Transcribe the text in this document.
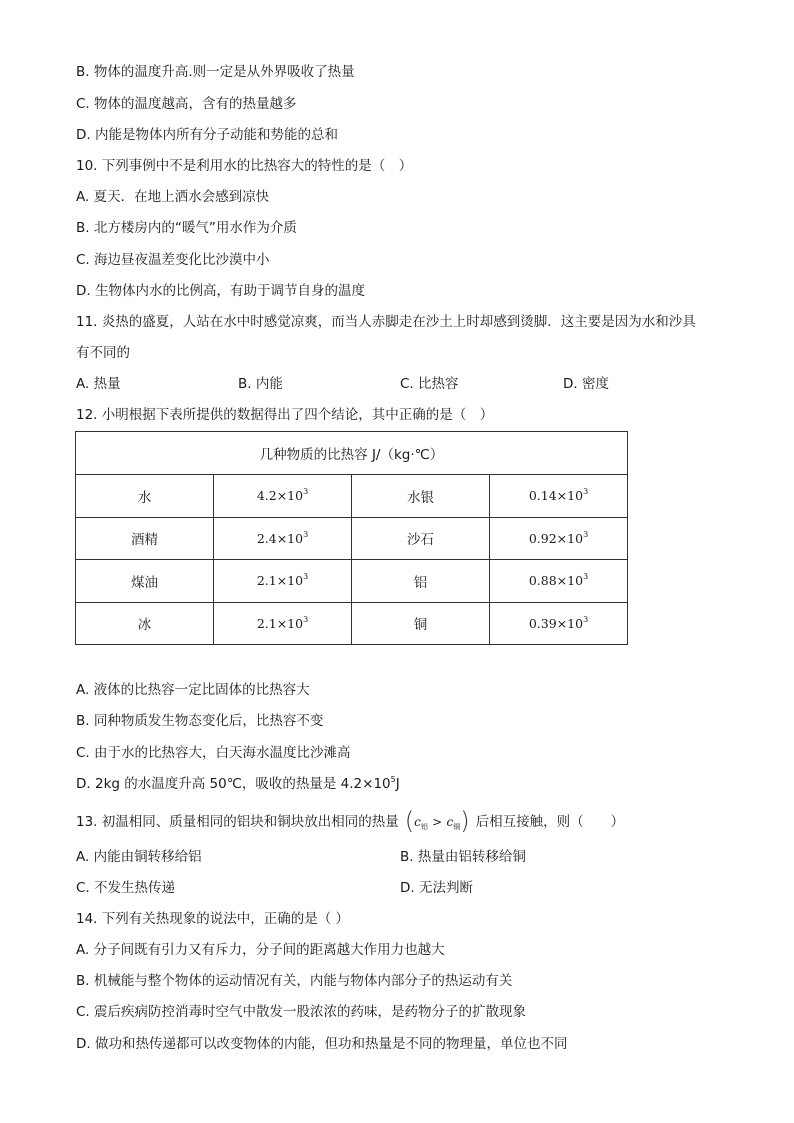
B. 物体的温度升高.则一定是从外界吸收了热量
C. 物体的温度越高，含有的热量越多
D. 内能是物体内所有分子动能和势能的总和
10. 下列事例中不是利用水的比热容大的特性的是（　）
A. 夏天．在地上洒水会感到凉快
B. 北方楼房内的“暖气”用水作为介质
C. 海边昼夜温差变化比沙漠中小
D. 生物体内水的比例高，有助于调节自身的温度
11. 炎热的盛夏，人站在水中时感觉凉爽，而当人赤脚走在沙土上时却感到烫脚．这主要是因为水和沙具
有不同的
A. 热量	B. 内能	C. 比热容	D. 密度
12. 小明根据下表所提供的数据得出了四个结论，其中正确的是（　）
几种物质的比热容 J/（kg·℃）			
水	$4.2\times 10^3$	水银	$0.14\times 10^3$
酒精	$2.4\times 10^3$	沙石	$0.92\times 10^3$
煤油	$2.1\times 10^3$	铝	$0.88\times 10^3$
冰	$2.1\times 10^3$	铜	$0.39\times 10^3$
A. 液体的比热容一定比固体的比热容大
B. 同种物质发生物态变化后，比热容不变
C. 由于水的比热容大，白天海水温度比沙滩高
D. 2kg 的水温度升高 50℃，吸收的热量是 $4.2\times 10^5J$
13. 初温相同、质量相同的铝块和铜块放出相同的热量 $(c_铝 > c_铜)$ 后相互接触，则（　　）
A. 内能由铜转移给铝	B. 热量由铝转移给铜
C. 不发生热传递	D. 无法判断
14. 下列有关热现象的说法中，正确的是（ ）
A. 分子间既有引力又有斥力，分子间的距离越大作用力也越大
B. 机械能与整个物体的运动情况有关，内能与物体内部分子的热运动有关
C. 震后疾病防控消毒时空气中散发一股浓浓的药味，是药物分子的扩散现象
D. 做功和热传递都可以改变物体的内能，但功和热量是不同的物理量，单位也不同
